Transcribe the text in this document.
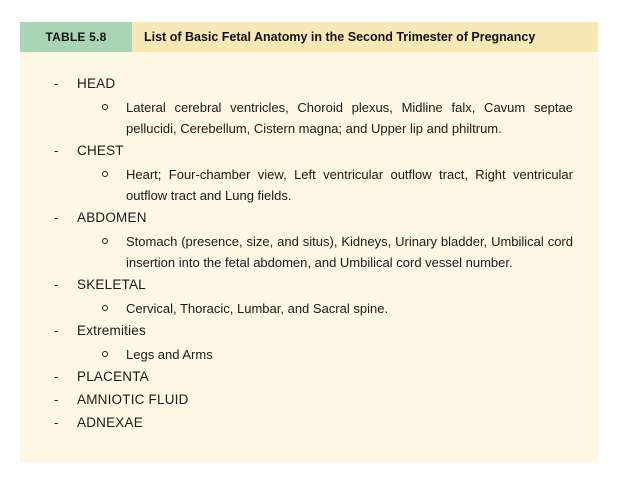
TABLE 5.8	List of Basic Fetal Anatomy in the Second Trimester of Pregnancy
- HEAD
Lateral cerebral ventricles, Choroid plexus, Midline falx, Cavum septae pellucidi, Cerebellum, Cistern magna; and Upper lip and philtrum.
- CHEST
Heart; Four-chamber view, Left ventricular outflow tract, Right ventricular outflow tract and Lung fields.
- ABDOMEN
Stomach (presence, size, and situs), Kidneys, Urinary bladder, Umbilical cord insertion into the fetal abdomen, and Umbilical cord vessel number.
- SKELETAL
Cervical, Thoracic, Lumbar, and Sacral spine.
- Extremities
Legs and Arms
- PLACENTA
- AMNIOTIC FLUID
- ADNEXAE
